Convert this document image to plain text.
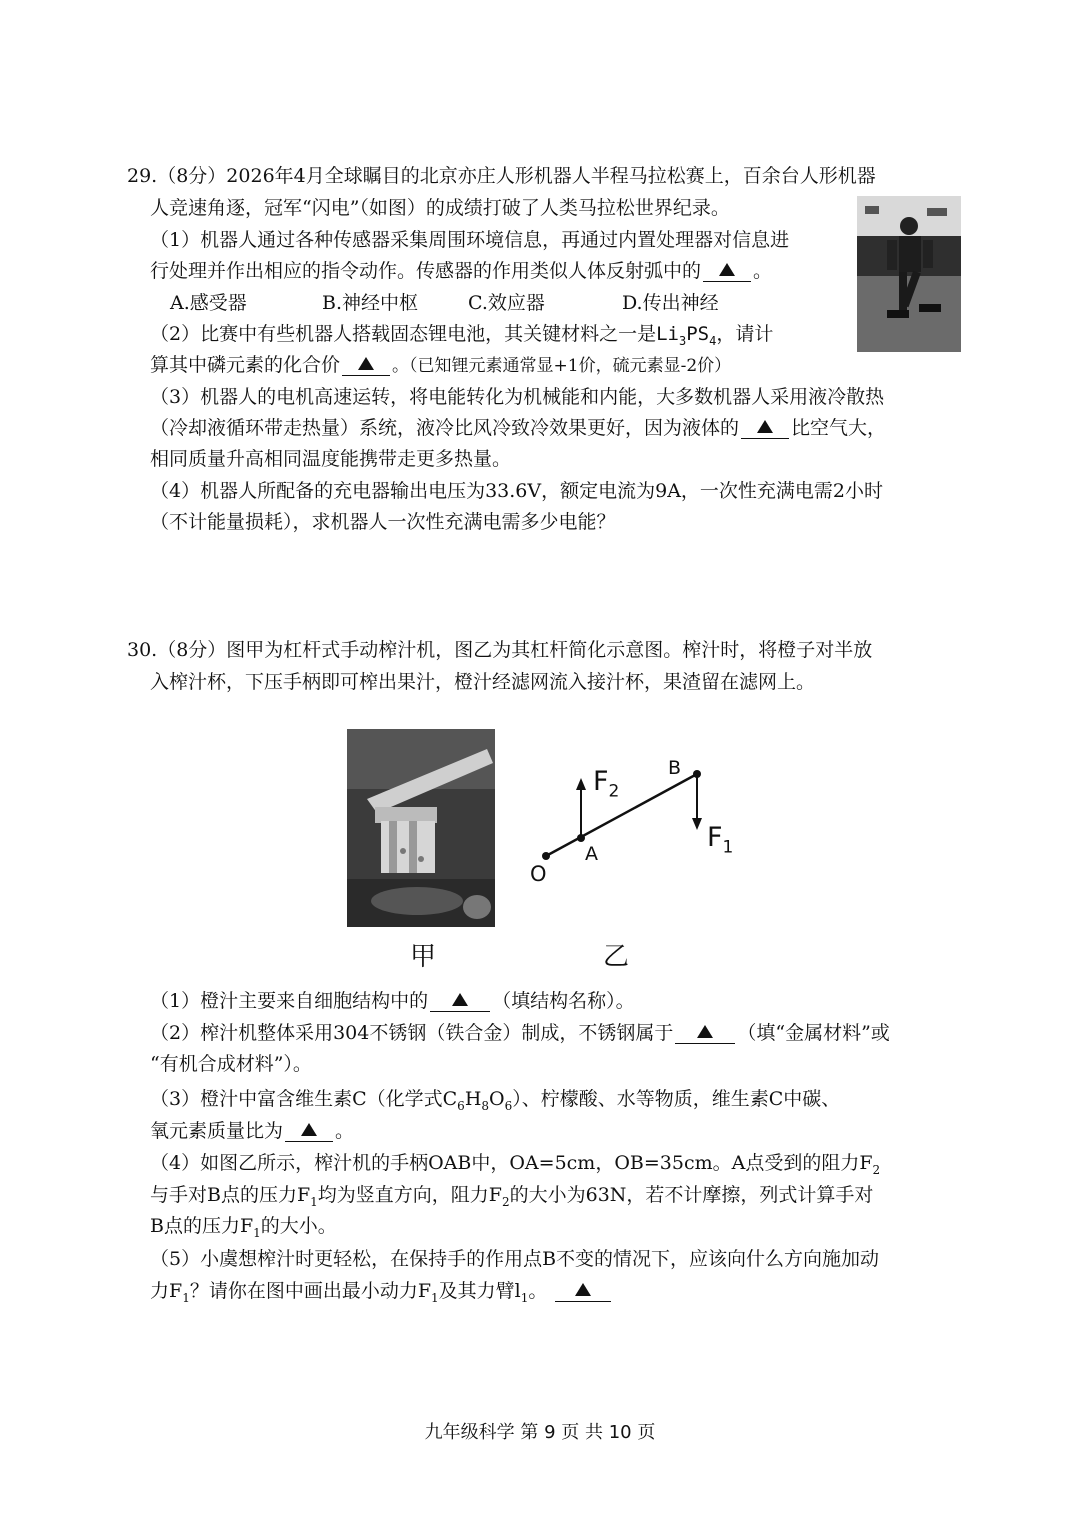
29.（8分）2026年4月全球瞩目的北京亦庄人形机器人半程马拉松赛上，百余台人形机器
人竞速角逐，冠军“闪电”（如图）的成绩打破了人类马拉松世界纪录。
（1）机器人通过各种传感器采集周围环境信息，再通过内置处理器对信息进
行处理并作出相应的指令动作。传感器的作用类似人体反射弧中的	。
A.感受器	B.神经中枢	C.效应器	D.传出神经
（2）比赛中有些机器人搭载固态锂电池，其关键材料之一是$Li_3PS_4$，请计
算其中磷元素的化合价	。（已知锂元素通常显+1价，硫元素显-2价）
（3）机器人的电机高速运转，将电能转化为机械能和内能，大多数机器人采用液冷散热
（冷却液循环带走热量）系统，液冷比风冷致冷效果更好，因为液体的	比空气大，
相同质量升高相同温度能携带走更多热量。
（4）机器人所配备的充电器输出电压为33.6V，额定电流为9A，一次性充满电需2小时
（不计能量损耗），求机器人一次性充满电需多少电能？
30.（8分）图甲为杠杆式手动榨汁机，图乙为其杠杆简化示意图。榨汁时，将橙子对半放
入榨汁杯，下压手柄即可榨出果汁，橙汁经滤网流入接汁杯，果渣留在滤网上。
甲
O
A
B
$F_2$
$F_1$
乙
（1）橙汁主要来自细胞结构中的	（填结构名称）。
（2）榨汁机整体采用304不锈钢（铁合金）制成，不锈钢属于	（填“金属材料”或
“有机合成材料”）。
（3）橙汁中富含维生素C（化学式$C_6H_8O_6$）、柠檬酸、水等物质，维生素C中碳、
氧元素质量比为	。
（4）如图乙所示，榨汁机的手柄OAB中，OA=5cm，OB=35cm。A点受到的阻力$F_2$
与手对B点的压力$F_1$均为竖直方向，阻力$F_2$的大小为63N，若不计摩擦，列式计算手对
B点的压力$F_1$的大小。
（5）小虞想榨汁时更轻松，在保持手的作用点B不变的情况下，应该向什么方向施加动
力$F_1$？请你在图中画出最小动力$F_1$及其力臂$l_1$。
九年级科学 第 9 页 共 10 页
